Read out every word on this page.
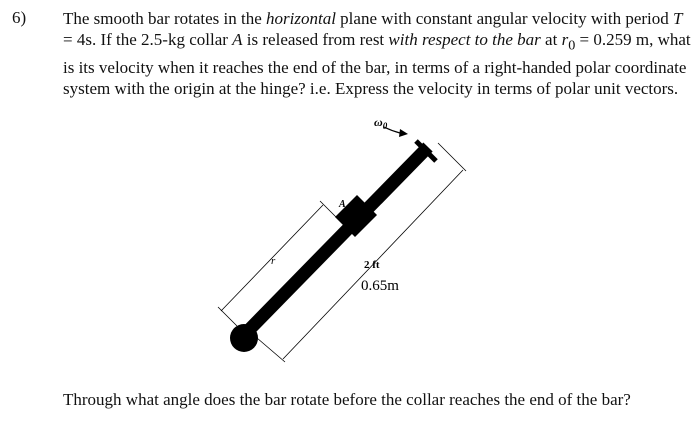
6) The smooth bar rotates in the horizontal plane with constant angular velocity with period T = 4s. If the 2.5-kg collar A is released from rest with respect to the bar at $r_0 = 0.259$ m, what is its velocity when it reaches the end of the bar, in terms of a right-handed polar coordinate system with the origin at the hinge? i.e. Express the velocity in terms of polar unit vectors.

$\omega_0$
A
r	2 ft
0.65m

Through what angle does the bar rotate before the collar reaches the end of the bar?
